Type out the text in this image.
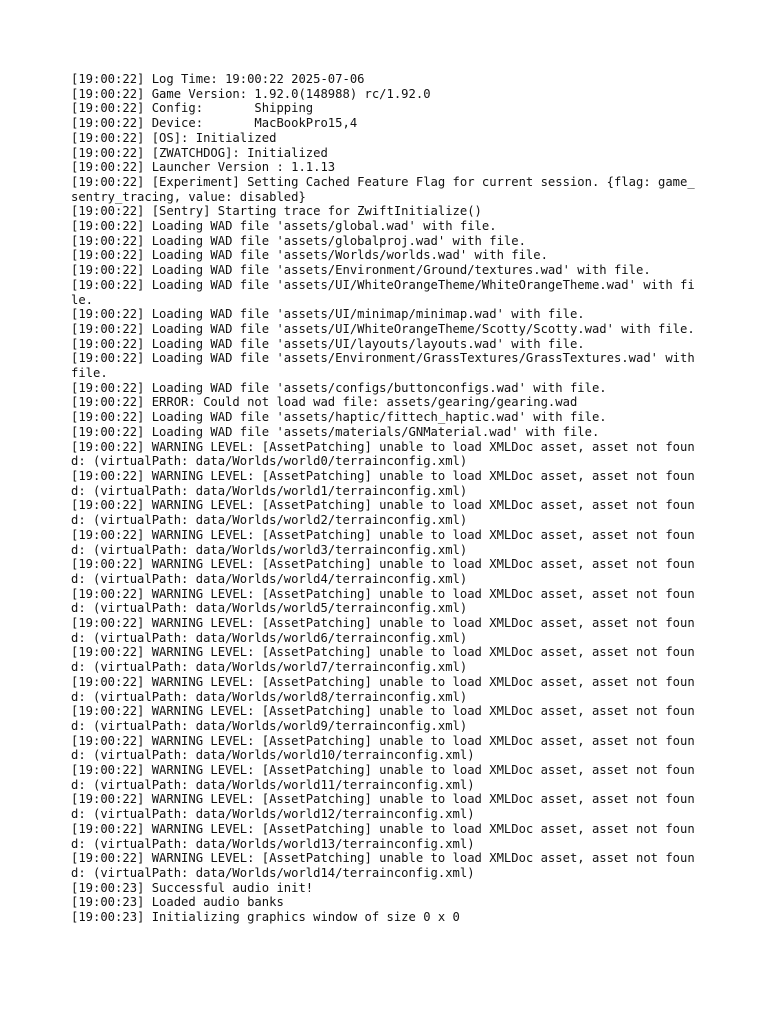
[19:00:22] Log Time: 19:00:22 2025-07-06
[19:00:22] Game Version: 1.92.0(148988) rc/1.92.0
[19:00:22] Config:       Shipping
[19:00:22] Device:       MacBookPro15,4
[19:00:22] [OS]: Initialized
[19:00:22] [ZWATCHDOG]: Initialized
[19:00:22] Launcher Version : 1.1.13
[19:00:22] [Experiment] Setting Cached Feature Flag for current session. {flag: game_sentry_tracing, value: disabled}
[19:00:22] [Sentry] Starting trace for ZwiftInitialize()
[19:00:22] Loading WAD file 'assets/global.wad' with file.
[19:00:22] Loading WAD file 'assets/globalproj.wad' with file.
[19:00:22] Loading WAD file 'assets/Worlds/worlds.wad' with file.
[19:00:22] Loading WAD file 'assets/Environment/Ground/textures.wad' with file.
[19:00:22] Loading WAD file 'assets/UI/WhiteOrangeTheme/WhiteOrangeTheme.wad' with file.
[19:00:22] Loading WAD file 'assets/UI/minimap/minimap.wad' with file.
[19:00:22] Loading WAD file 'assets/UI/WhiteOrangeTheme/Scotty/Scotty.wad' with file.
[19:00:22] Loading WAD file 'assets/UI/layouts/layouts.wad' with file.
[19:00:22] Loading WAD file 'assets/Environment/GrassTextures/GrassTextures.wad' with file.
[19:00:22] Loading WAD file 'assets/configs/buttonconfigs.wad' with file.
[19:00:22] ERROR: Could not load wad file: assets/gearing/gearing.wad
[19:00:22] Loading WAD file 'assets/haptic/fittech_haptic.wad' with file.
[19:00:22] Loading WAD file 'assets/materials/GNMaterial.wad' with file.
[19:00:22] WARNING LEVEL: [AssetPatching] unable to load XMLDoc asset, asset not found: (virtualPath: data/Worlds/world0/terrainconfig.xml)
[19:00:22] WARNING LEVEL: [AssetPatching] unable to load XMLDoc asset, asset not found: (virtualPath: data/Worlds/world1/terrainconfig.xml)
[19:00:22] WARNING LEVEL: [AssetPatching] unable to load XMLDoc asset, asset not found: (virtualPath: data/Worlds/world2/terrainconfig.xml)
[19:00:22] WARNING LEVEL: [AssetPatching] unable to load XMLDoc asset, asset not found: (virtualPath: data/Worlds/world3/terrainconfig.xml)
[19:00:22] WARNING LEVEL: [AssetPatching] unable to load XMLDoc asset, asset not found: (virtualPath: data/Worlds/world4/terrainconfig.xml)
[19:00:22] WARNING LEVEL: [AssetPatching] unable to load XMLDoc asset, asset not found: (virtualPath: data/Worlds/world5/terrainconfig.xml)
[19:00:22] WARNING LEVEL: [AssetPatching] unable to load XMLDoc asset, asset not found: (virtualPath: data/Worlds/world6/terrainconfig.xml)
[19:00:22] WARNING LEVEL: [AssetPatching] unable to load XMLDoc asset, asset not found: (virtualPath: data/Worlds/world7/terrainconfig.xml)
[19:00:22] WARNING LEVEL: [AssetPatching] unable to load XMLDoc asset, asset not found: (virtualPath: data/Worlds/world8/terrainconfig.xml)
[19:00:22] WARNING LEVEL: [AssetPatching] unable to load XMLDoc asset, asset not found: (virtualPath: data/Worlds/world9/terrainconfig.xml)
[19:00:22] WARNING LEVEL: [AssetPatching] unable to load XMLDoc asset, asset not found: (virtualPath: data/Worlds/world10/terrainconfig.xml)
[19:00:22] WARNING LEVEL: [AssetPatching] unable to load XMLDoc asset, asset not found: (virtualPath: data/Worlds/world11/terrainconfig.xml)
[19:00:22] WARNING LEVEL: [AssetPatching] unable to load XMLDoc asset, asset not found: (virtualPath: data/Worlds/world12/terrainconfig.xml)
[19:00:22] WARNING LEVEL: [AssetPatching] unable to load XMLDoc asset, asset not found: (virtualPath: data/Worlds/world13/terrainconfig.xml)
[19:00:22] WARNING LEVEL: [AssetPatching] unable to load XMLDoc asset, asset not found: (virtualPath: data/Worlds/world14/terrainconfig.xml)
[19:00:23] Successful audio init!
[19:00:23] Loaded audio banks
[19:00:23] Initializing graphics window of size 0 x 0
